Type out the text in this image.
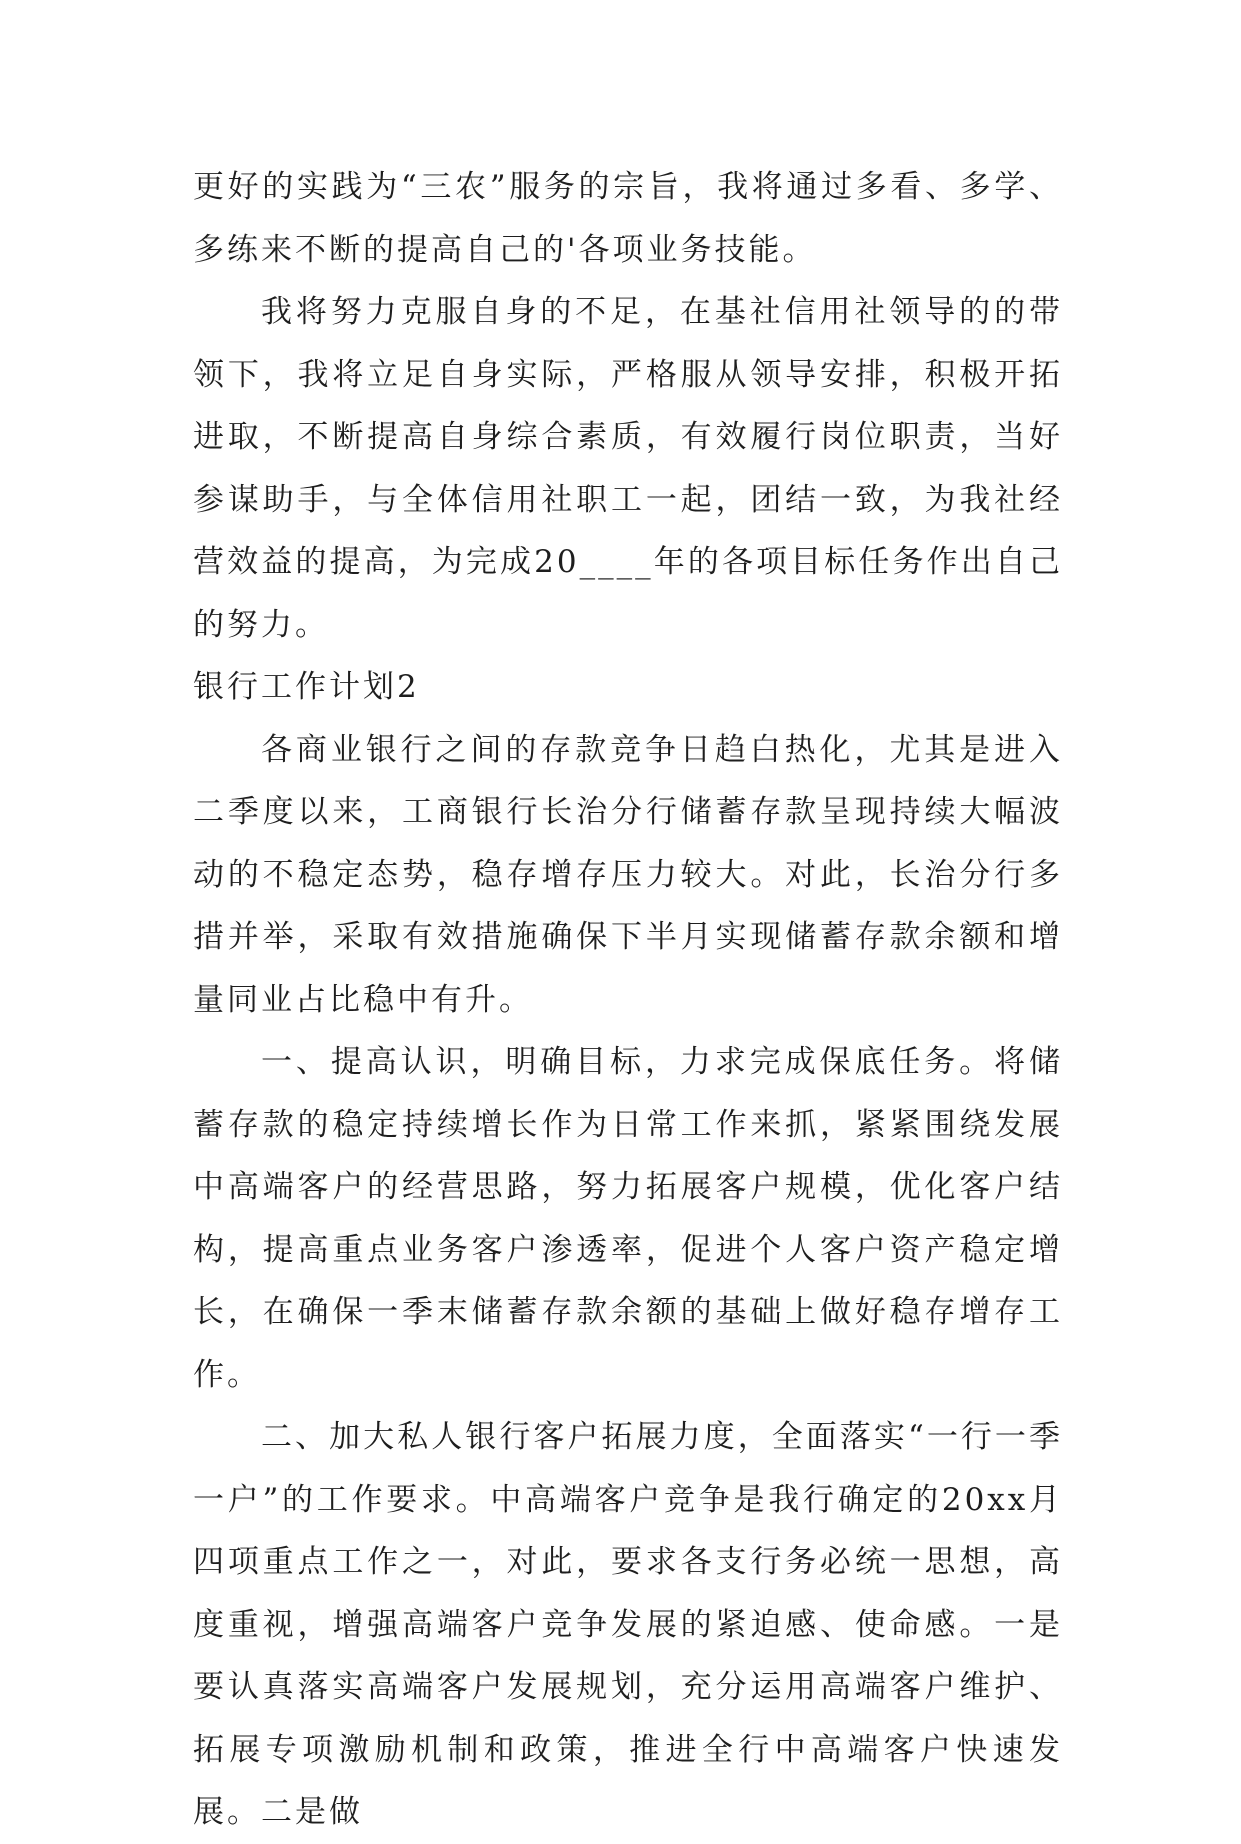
更好的实践为“三农”服务的宗旨，我将通过多看、多学、多练来不断的提高自己的'各项业务技能。

我将努力克服自身的不足，在基社信用社领导的的带领下，我将立足自身实际，严格服从领导安排，积极开拓进取，不断提高自身综合素质，有效履行岗位职责，当好参谋助手，与全体信用社职工一起，团结一致，为我社经营效益的提高，为完成20____年的各项目标任务作出自己的努力。

银行工作计划2

各商业银行之间的存款竞争日趋白热化，尤其是进入二季度以来，工商银行长治分行储蓄存款呈现持续大幅波动的不稳定态势，稳存增存压力较大。对此，长治分行多措并举，采取有效措施确保下半月实现储蓄存款余额和增量同业占比稳中有升。

一、提高认识，明确目标，力求完成保底任务。将储蓄存款的稳定持续增长作为日常工作来抓，紧紧围绕发展中高端客户的经营思路，努力拓展客户规模，优化客户结构，提高重点业务客户渗透率，促进个人客户资产稳定增长，在确保一季末储蓄存款余额的基础上做好稳存增存工作。

二、加大私人银行客户拓展力度，全面落实“一行一季一户”的工作要求。中高端客户竞争是我行确定的20xx月四项重点工作之一，对此，要求各支行务必统一思想，高度重视，增强高端客户竞争发展的紧迫感、使命感。一是要认真落实高端客户发展规划，充分运用高端客户维护、拓展专项激励机制和政策，推进全行中高端客户快速发展。二是做
